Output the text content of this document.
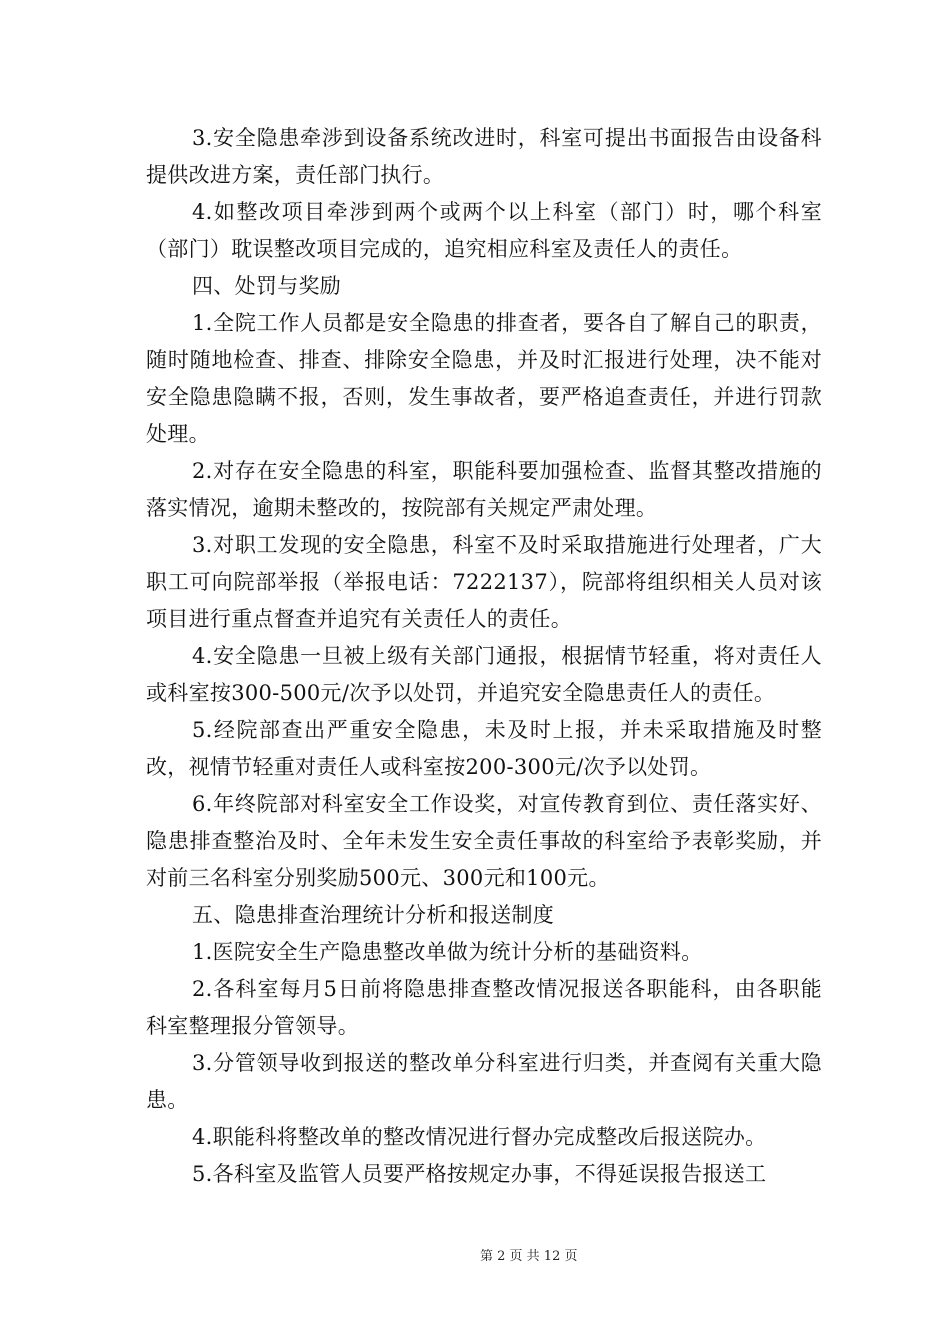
3.安全隐患牵涉到设备系统改进时，科室可提出书面报告由设备科提供改进方案，责任部门执行。

4.如整改项目牵涉到两个或两个以上科室（部门）时，哪个科室（部门）耽误整改项目完成的，追究相应科室及责任人的责任。

四、处罚与奖励

1.全院工作人员都是安全隐患的排查者，要各自了解自己的职责，随时随地检查、排查、排除安全隐患，并及时汇报进行处理，决不能对安全隐患隐瞒不报，否则，发生事故者，要严格追查责任，并进行罚款处理。

2.对存在安全隐患的科室，职能科要加强检查、监督其整改措施的落实情况，逾期未整改的，按院部有关规定严肃处理。

3.对职工发现的安全隐患，科室不及时采取措施进行处理者，广大职工可向院部举报（举报电话：7222137），院部将组织相关人员对该项目进行重点督查并追究有关责任人的责任。

4.安全隐患一旦被上级有关部门通报，根据情节轻重，将对责任人或科室按300-500元/次予以处罚，并追究安全隐患责任人的责任。

5.经院部查出严重安全隐患，未及时上报，并未采取措施及时整改，视情节轻重对责任人或科室按200-300元/次予以处罚。

6.年终院部对科室安全工作设奖，对宣传教育到位、责任落实好、隐患排查整治及时、全年未发生安全责任事故的科室给予表彰奖励，并对前三名科室分别奖励500元、300元和100元。

五、隐患排查治理统计分析和报送制度

1.医院安全生产隐患整改单做为统计分析的基础资料。

2.各科室每月5日前将隐患排查整改情况报送各职能科，由各职能科室整理报分管领导。

3.分管领导收到报送的整改单分科室进行归类，并查阅有关重大隐患。

4.职能科将整改单的整改情况进行督办完成整改后报送院办。

5.各科室及监管人员要严格按规定办事，不得延误报告报送工

第 2 页 共 12 页
